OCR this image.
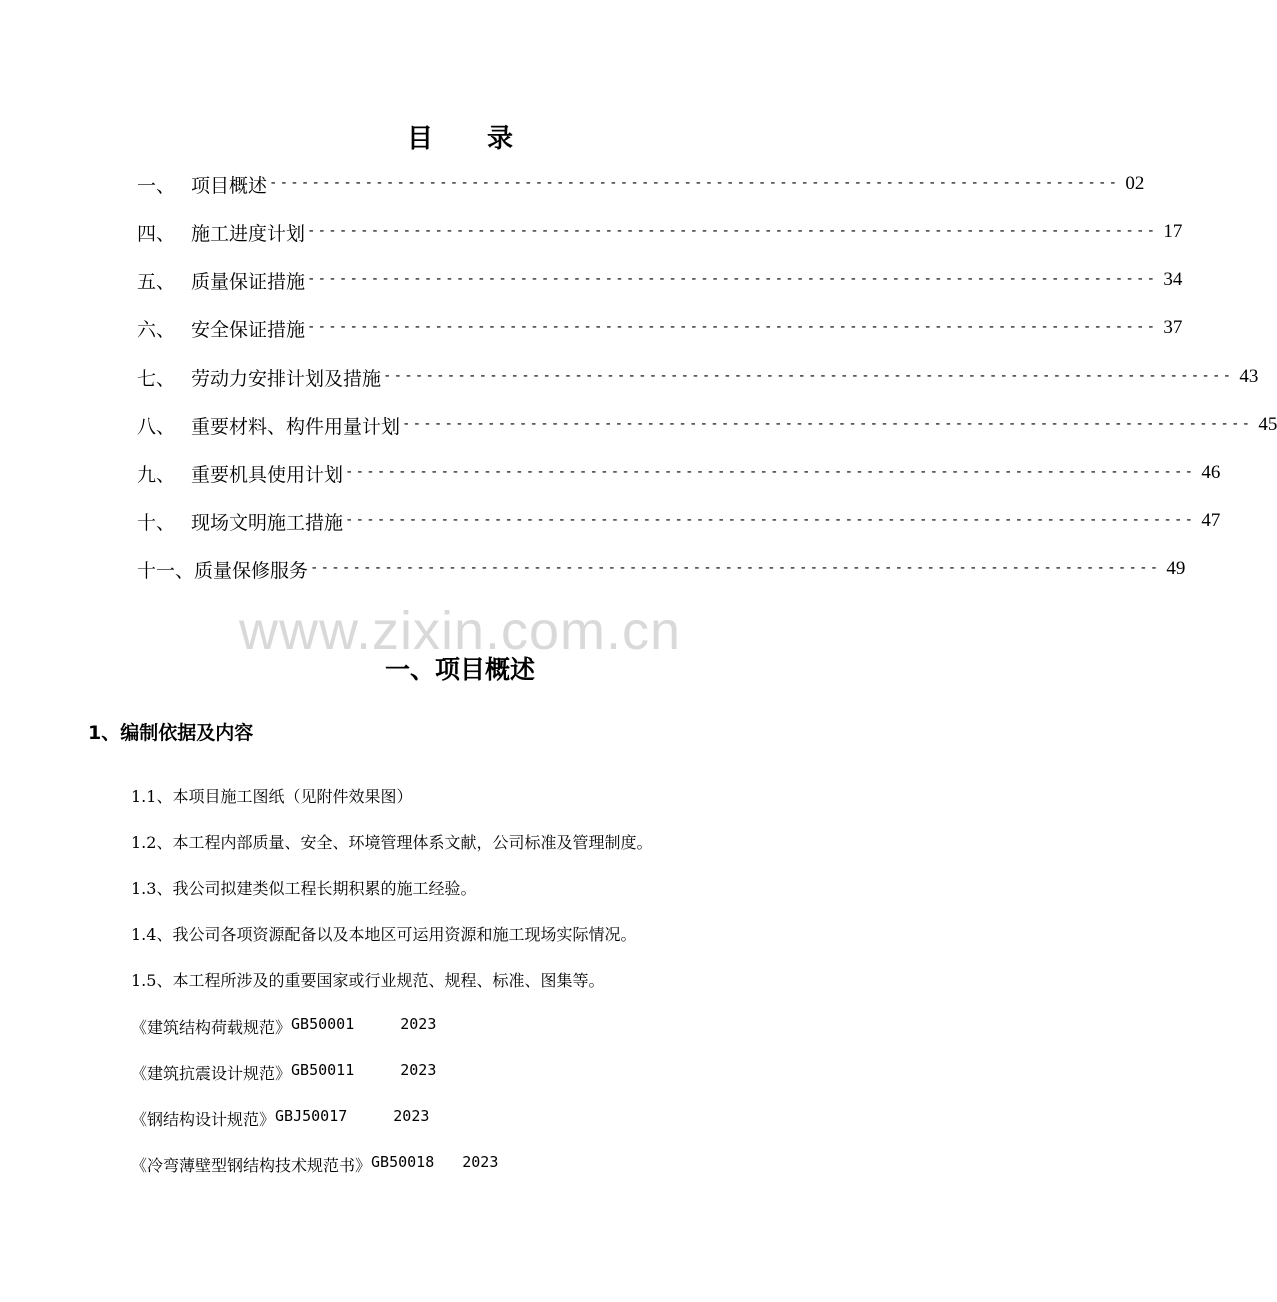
目录
一、 项目概述 -------------------------------------------------------------------------------- 02
四、 施工进度计划 -------------------------------------------------------------------------------- 17
五、 质量保证措施 -------------------------------------------------------------------------------- 34
六、 安全保证措施 -------------------------------------------------------------------------------- 37
七、 劳动力安排计划及措施 -------------------------------------------------------------------------------- 43
八、 重要材料、构件用量计划 -------------------------------------------------------------------------------- 45
九、 重要机具使用计划 -------------------------------------------------------------------------------- 46
十、 现场文明施工措施 -------------------------------------------------------------------------------- 47
十一、 质量保修服务 -------------------------------------------------------------------------------- 49
www.zixin.com.cn
一、项目概述
1、编制依据及内容
1.1、本项目施工图纸（见附件效果图）
1.2、本工程内部质量、安全、环境管理体系文献，公司标准及管理制度。
1.3、我公司拟建类似工程长期积累的施工经验。
1.4、我公司各项资源配备以及本地区可运用资源和施工现场实际情况。
1.5、本工程所涉及的重要国家或行业规范、规程、标准、图集等。
《建筑结构荷载规范》 GB50001	2023
《建筑抗震设计规范》 GB50011	2023
《钢结构设计规范》 GBJ50017	2023
《冷弯薄壁型钢结构技术规范书》 GB50018 2023
